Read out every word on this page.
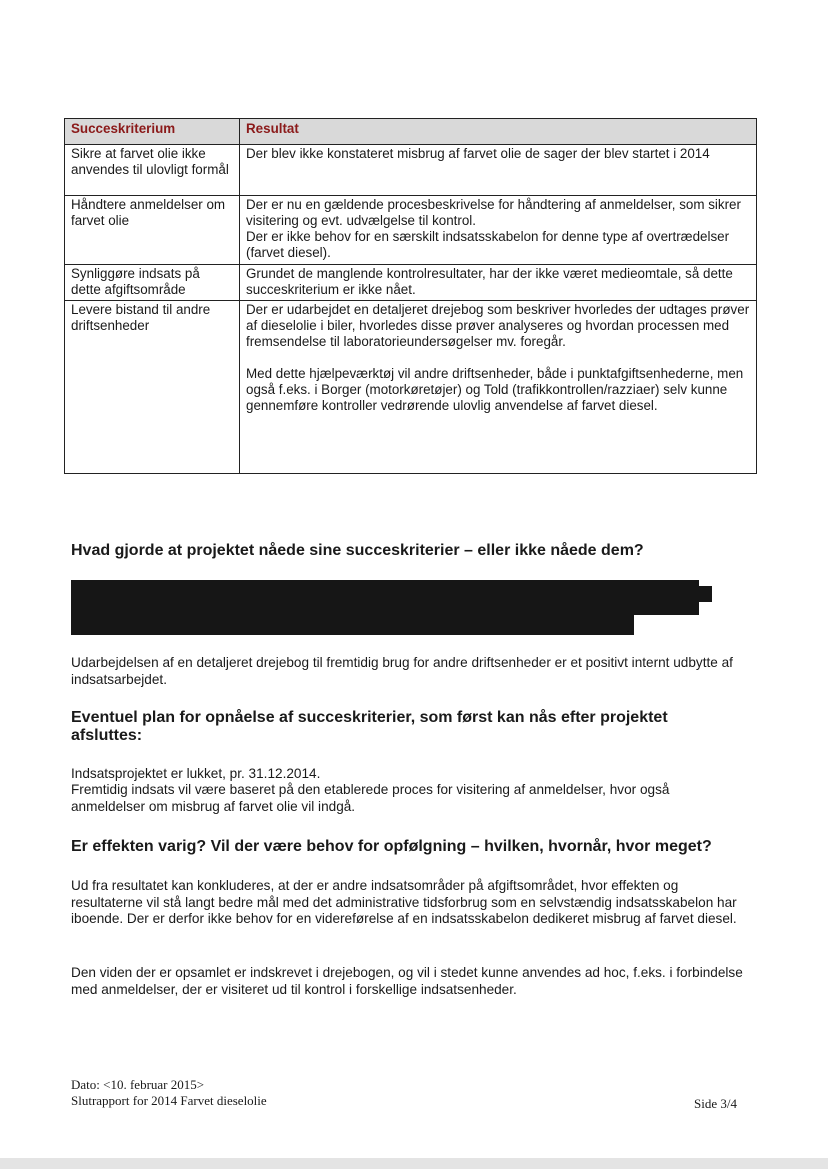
Succeskriterium	Resultat
Sikre at farvet olie ikke anvendes til ulovligt formål	Der blev ikke konstateret misbrug af farvet olie de sager der blev startet i 2014

Håndtere anmeldelser om farvet olie	Der er nu en gældende procesbeskrivelse for håndtering af anmeldelser, som sikrer visitering og evt. udvælgelse til kontrol.

Der er ikke behov for en særskilt indsatsskabelon for denne type af overtrædelser (farvet diesel).

Synliggøre indsats på dette afgiftsområde	Grundet de manglende kontrolresultater, har der ikke været medieomtale, så dette succeskriterium er ikke nået.

Levere bistand til andre driftsenheder	Der er udarbejdet en detaljeret drejebog som beskriver hvorledes der udtages prøver af dieselolie i biler, hvorledes disse prøver analyseres og hvordan processen med fremsendelse til laboratorieundersøgelser mv. foregår.

Med dette hjælpeværktøj vil andre driftsenheder, både i punktafgiftsenhederne, men også f.eks. i Borger (motorkøretøjer) og Told (trafikkontrollen/razziaer) selv kunne gennemføre kontroller vedrørende ulovlig anvendelse af farvet diesel.

Hvad gjorde at projektet nåede sine succeskriterier – eller ikke nåede dem?

Udarbejdelsen af en detaljeret drejebog til fremtidig brug for andre driftsenheder er et positivt internt udbytte af indsatsarbejdet.

Eventuel plan for opnåelse af succeskriterier, som først kan nås efter projektet afsluttes:

Indsatsprojektet er lukket, pr. 31.12.2014.

Fremtidig indsats vil være baseret på den etablerede proces for visitering af anmeldelser, hvor også anmeldelser om misbrug af farvet olie vil indgå.

Er effekten varig? Vil der være behov for opfølgning – hvilken, hvornår, hvor meget?

Ud fra resultatet kan konkluderes, at der er andre indsatsområder på afgiftsområdet, hvor effekten og resultaterne vil stå langt bedre mål med det administrative tidsforbrug som en selvstændig indsatsskabelon har iboende. Der er derfor ikke behov for en videreførelse af en indsatsskabelon dedikeret misbrug af farvet diesel.

Den viden der er opsamlet er indskrevet i drejebogen, og vil i stedet kunne anvendes ad hoc, f.eks. i forbindelse med anmeldelser, der er visiteret ud til kontrol i forskellige indsatsenheder.

Dato: <10. februar 2015>
Slutrapport for 2014 Farvet dieselolie	Side 3/4
